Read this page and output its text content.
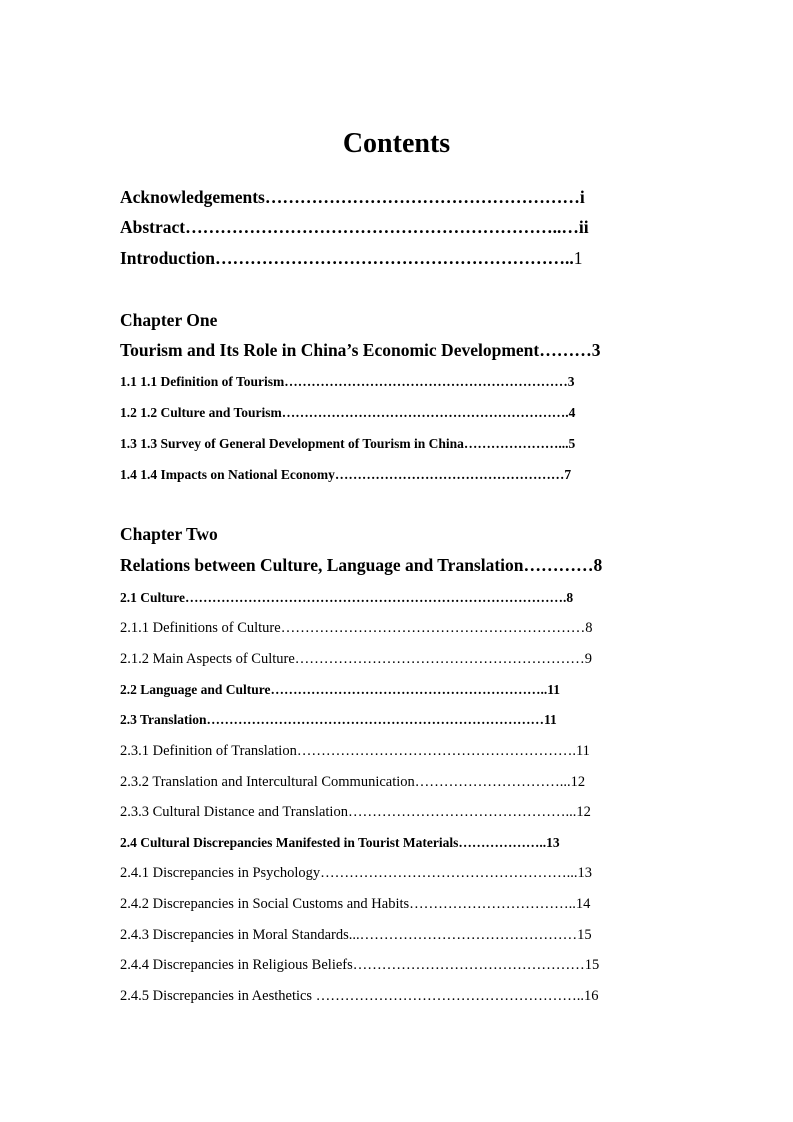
Contents

Acknowledgements………………………………………………i

Abstract………………………………………………………..…ii

Introduction……………………………………………………..1

Chapter One

Tourism and Its Role in China’s Economic Development………3

1.1 1.1 Definition of Tourism………………………………………………………3

1.2 1.2 Culture and Tourism……………………………………………………….4

1.3 1.3 Survey of General Development of Tourism in China…………………...5

1.4 1.4 Impacts on National Economy……………………………………………7

Chapter Two

Relations between Culture, Language and Translation…………8

2.1 Culture………………………………………………………………………….8

2.1.1 Definitions of Culture………………………………………………………8

2.1.2 Main Aspects of Culture……………………………………………………9

2.2 Language and Culture……………………………………………………..11

2.3 Translation…………………………………………………………………11

2.3.1 Definition of Translation………………………………………………….11

2.3.2 Translation and Intercultural Communication…………………………...12

2.3.3 Cultural Distance and Translation………………………………………...12

2.4 Cultural Discrepancies Manifested in Tourist Materials………………..13

2.4.1 Discrepancies in Psychology……………………………………………...13

2.4.2 Discrepancies in Social Customs and Habits……………………………..14

2.4.3 Discrepancies in Moral Standards...………………………………………15

2.4.4 Discrepancies in Religious Beliefs…………………………………………15

2.4.5 Discrepancies in Aesthetics ………………………………………………..16
